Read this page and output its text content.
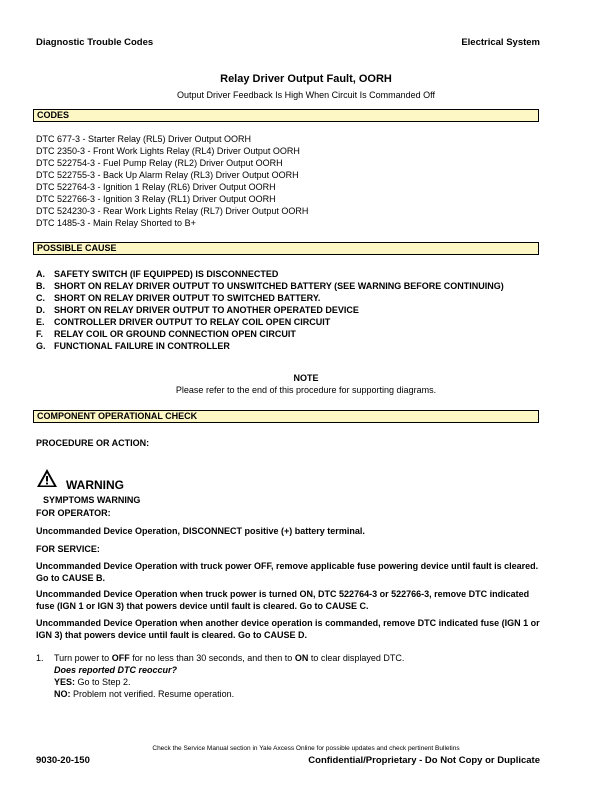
Diagnostic Trouble Codes	Electrical System
Relay Driver Output Fault, OORH
Output Driver Feedback Is High When Circuit Is Commanded Off
CODES
DTC 677-3 - Starter Relay (RL5) Driver Output OORH
DTC 2350-3 - Front Work Lights Relay (RL4) Driver Output OORH
DTC 522754-3 - Fuel Pump Relay (RL2) Driver Output OORH
DTC 522755-3 - Back Up Alarm Relay (RL3) Driver Output OORH
DTC 522764-3 - Ignition 1 Relay (RL6) Driver Output OORH
DTC 522766-3 - Ignition 3 Relay (RL1) Driver Output OORH
DTC 524230-3 - Rear Work Lights Relay (RL7) Driver Output OORH
DTC 1485-3 - Main Relay Shorted to B+
POSSIBLE CAUSE
A.	SAFETY SWITCH (IF EQUIPPED) IS DISCONNECTED
B.	SHORT ON RELAY DRIVER OUTPUT TO UNSWITCHED BATTERY (SEE WARNING BEFORE CONTINUING)
C.	SHORT ON RELAY DRIVER OUTPUT TO SWITCHED BATTERY.
D.	SHORT ON RELAY DRIVER OUTPUT TO ANOTHER OPERATED DEVICE
E.	CONTROLLER DRIVER OUTPUT TO RELAY COIL OPEN CIRCUIT
F.	RELAY COIL OR GROUND CONNECTION OPEN CIRCUIT
G. FUNCTIONAL FAILURE IN CONTROLLER
NOTE
Please refer to the end of this procedure for supporting diagrams.
COMPONENT OPERATIONAL CHECK
PROCEDURE OR ACTION:
WARNING
SYMPTOMS WARNING
FOR OPERATOR:
Uncommanded Device Operation, DISCONNECT positive (+) battery terminal.
FOR SERVICE:
Uncommanded Device Operation with truck power OFF, remove applicable fuse powering device until fault is cleared. Go to CAUSE B.
Uncommanded Device Operation when truck power is turned ON, DTC 522764-3 or 522766-3, remove DTC indicated fuse (IGN 1 or IGN 3) that powers device until fault is cleared. Go to CAUSE C.
Uncommanded Device Operation when another device operation is commanded, remove DTC indicated fuse (IGN 1 or IGN 3) that powers device until fault is cleared. Go to CAUSE D.
1. Turn power to OFF for no less than 30 seconds, and then to ON to clear displayed DTC.
Does reported DTC reoccur?
YES: Go to Step 2.
NO: Problem not verified. Resume operation.
Check the Service Manual section in Yale Axcess Online for possible updates and check pertinent Bulletins
9030-20-150	Confidential/Proprietary - Do Not Copy or Duplicate
